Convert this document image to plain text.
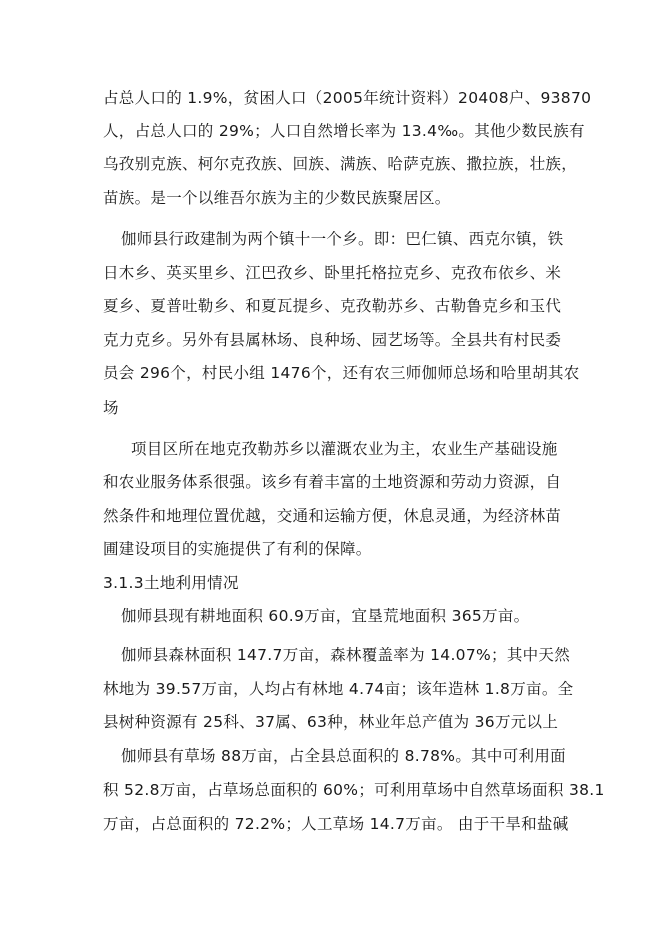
占总人口的 1.9%，贫困人口（2005年统计资料）20408户、93870
人，占总人口的 29%；人口自然增长率为 13.4‰。其他少数民族有
乌孜别克族、柯尔克孜族、回族、满族、哈萨克族、撒拉族，壮族，
苗族。是一个以维吾尔族为主的少数民族聚居区。
伽师县行政建制为两个镇十一个乡。即：巴仁镇、西克尔镇，铁
日木乡、英买里乡、江巴孜乡、卧里托格拉克乡、克孜布依乡、米
夏乡、夏普吐勒乡、和夏瓦提乡、克孜勒苏乡、古勒鲁克乡和玉代
克力克乡。另外有县属林场、良种场、园艺场等。全县共有村民委
员会 296个，村民小组 1476个，还有农三师伽师总场和哈里胡其农
场
项目区所在地克孜勒苏乡以灌溉农业为主，农业生产基础设施
和农业服务体系很强。该乡有着丰富的土地资源和劳动力资源，自
然条件和地理位置优越，交通和运输方便，休息灵通，为经济林苗
圃建设项目的实施提供了有利的保障。
3.1.3土地利用情况
伽师县现有耕地面积 60.9万亩，宜垦荒地面积 365万亩。
伽师县森林面积 147.7万亩，森林覆盖率为 14.07%；其中天然
林地为 39.57万亩，人均占有林地 4.74亩；该年造林 1.8万亩。全
县树种资源有 25科、37属、63种，林业年总产值为 36万元以上
伽师县有草场 88万亩，占全县总面积的 8.78%。其中可利用面
积 52.8万亩，占草场总面积的 60%；可利用草场中自然草场面积 38.1
万亩，占总面积的 72.2%；人工草场 14.7万亩。 由于干旱和盐碱
